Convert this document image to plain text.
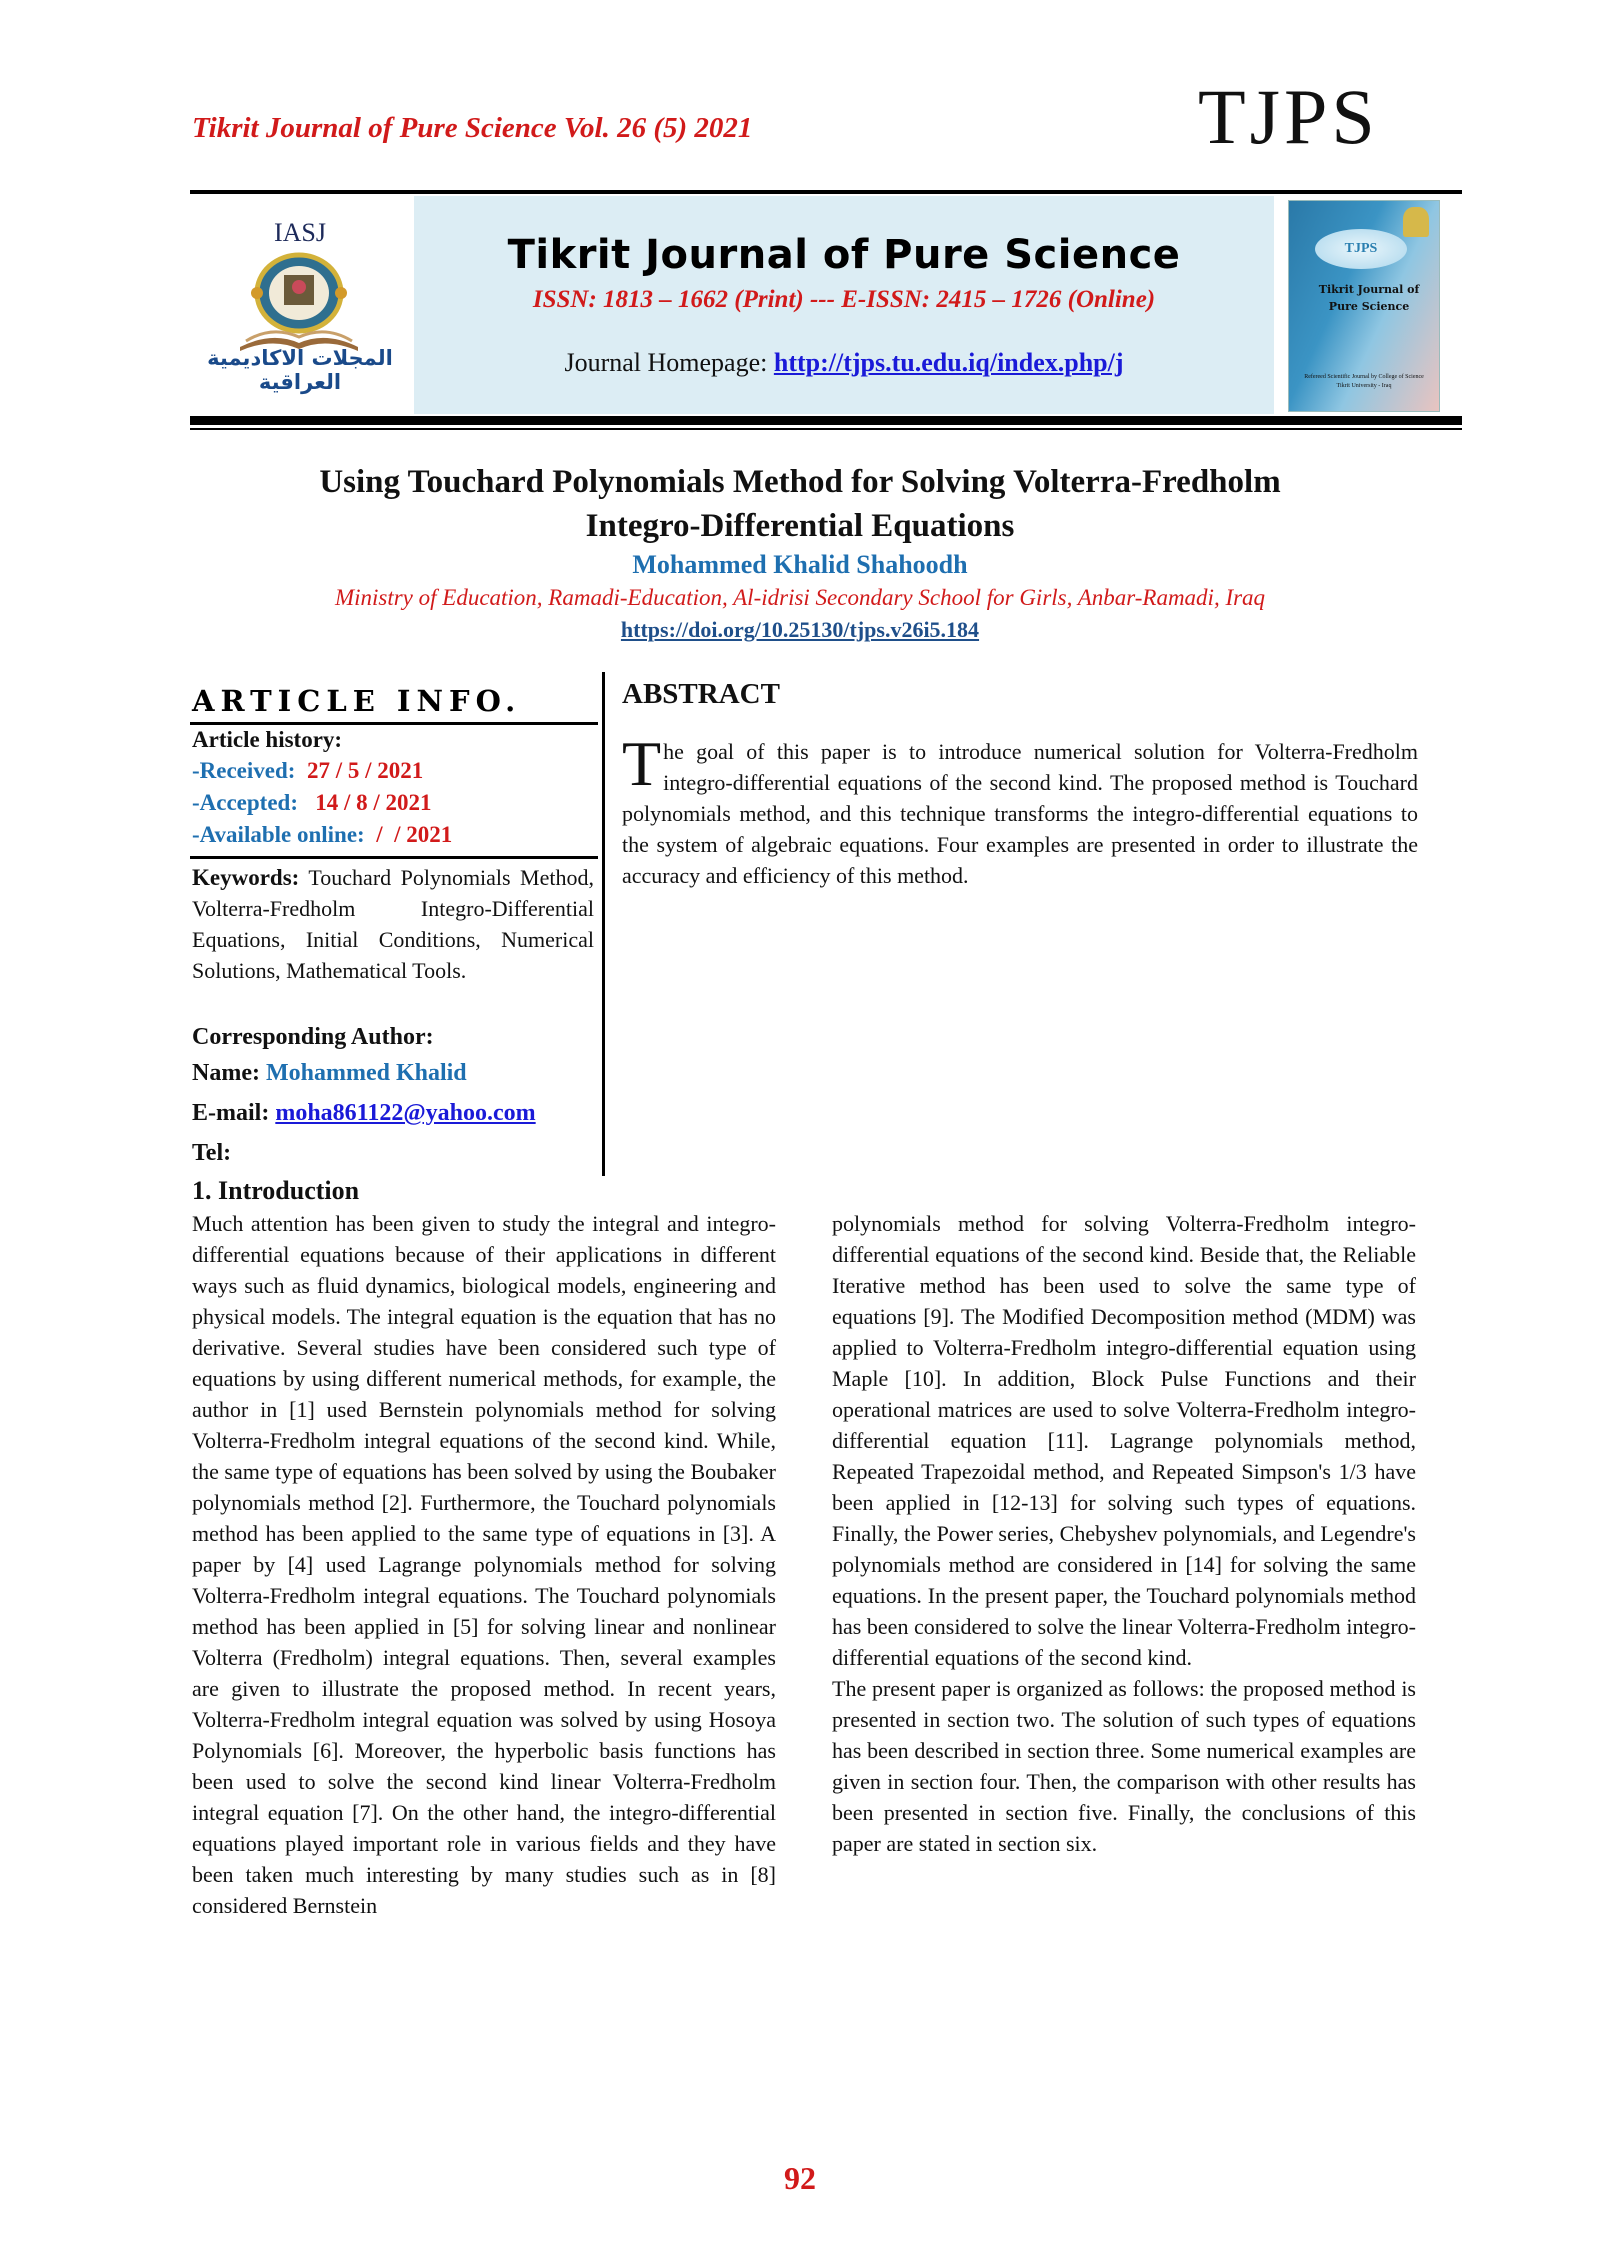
Tikrit Journal of Pure Science Vol. 26 (5) 2021	TJPS
IASJ
المجلات الاكاديمية العراقية
Tikrit Journal of Pure Science
ISSN: 1813 – 1662 (Print) --- E-ISSN: 2415 – 1726 (Online)
Journal Homepage: http://tjps.tu.edu.iq/index.php/j
TJPS
Tikrit Journal of Pure Science
Refereed Scientific Journal by College of Science Tikrit University - Iraq
Using Touchard Polynomials Method for Solving Volterra-Fredholm
Integro-Differential Equations
Mohammed Khalid Shahoodh
Ministry of Education, Ramadi-Education, Al-idrisi Secondary School for Girls, Anbar-Ramadi, Iraq
https://doi.org/10.25130/tjps.v26i5.184
ARTICLE INFO.
Article history:
-Received:  27 / 5 / 2021
-Accepted:   14 / 8 / 2021
-Available online:  /  / 2021
Keywords: Touchard Polynomials Method, Volterra-Fredholm Integro-Differential Equations, Initial Conditions, Numerical Solutions, Mathematical Tools.
Corresponding Author:
Name: Mohammed Khalid
E-mail: moha861122@yahoo.com
Tel:
ABSTRACT
The goal of this paper is to introduce numerical solution for Volterra-Fredholm integro-differential equations of the second kind. The proposed method is Touchard polynomials method, and this technique transforms the integro-differential equations to the system of algebraic equations. Four examples are presented in order to illustrate the accuracy and efficiency of this method.
1. Introduction

Much attention has been given to study the integral and integro-differential equations because of their applications in different ways such as fluid dynamics, biological models, engineering and physical models. The integral equation is the equation that has no derivative. Several studies have been considered such type of equations by using different numerical methods, for example, the author in [1] used Bernstein polynomials method for solving Volterra-Fredholm integral equations of the second kind. While, the same type of equations has been solved by using the Boubaker polynomials method [2]. Furthermore, the Touchard polynomials method has been applied to the same type of equations in [3]. A paper by [4] used Lagrange polynomials method for solving Volterra-Fredholm integral equations. The Touchard polynomials method has been applied in [5] for solving linear and nonlinear Volterra (Fredholm) integral equations. Then, several examples are given to illustrate the proposed method. In recent years, Volterra-Fredholm integral equation was solved by using Hosoya Polynomials [6]. Moreover, the hyperbolic basis functions has been used to solve the second kind linear Volterra-Fredholm integral equation [7]. On the other hand, the integro-differential equations played important role in various fields and they have been taken much interesting by many studies such as in [8] considered Bernstein

polynomials method for solving Volterra-Fredholm integro-differential equations of the second kind. Beside that, the Reliable Iterative method has been used to solve the same type of equations [9]. The Modified Decomposition method (MDM) was applied to Volterra-Fredholm integro-differential equation using Maple [10]. In addition, Block Pulse Functions and their operational matrices are used to solve Volterra-Fredholm integro-differential equation [11]. Lagrange polynomials method, Repeated Trapezoidal method, and Repeated Simpson's 1/3 have been applied in [12-13] for solving such types of equations. Finally, the Power series, Chebyshev polynomials, and Legendre's polynomials method are considered in [14] for solving the same equations. In the present paper, the Touchard polynomials method has been considered to solve the linear Volterra-Fredholm integro-differential equations of the second kind.

The present paper is organized as follows: the proposed method is presented in section two. The solution of such types of equations has been described in section three. Some numerical examples are given in section four. Then, the comparison with other results has been presented in section five. Finally, the conclusions of this paper are stated in section six.

92
